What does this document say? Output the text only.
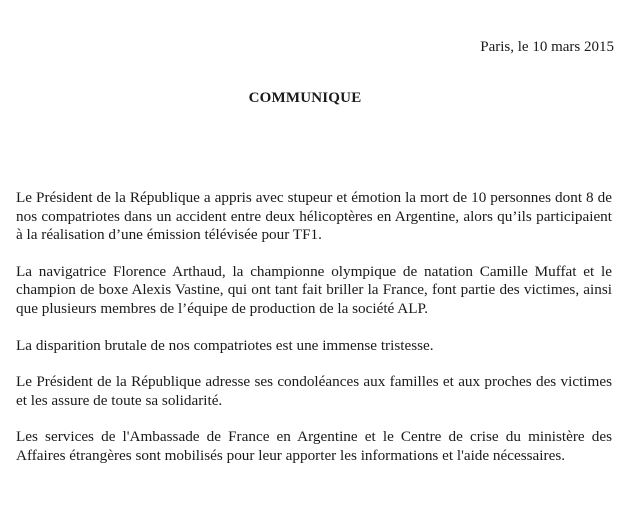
Paris, le 10 mars 2015
COMMUNIQUE

Le Président de la République a appris avec stupeur et émotion la mort de 10 personnes dont 8 de nos compatriotes dans un accident entre deux hélicoptères en Argentine, alors qu’ils participaient à la réalisation d’une émission télévisée pour TF1.

La navigatrice Florence Arthaud, la championne olympique de natation Camille Muffat et le champion de boxe Alexis Vastine, qui ont tant fait briller la France, font partie des victimes, ainsi que plusieurs membres de l’équipe de production de la société ALP.

La disparition brutale de nos compatriotes est une immense tristesse.

Le Président de la République adresse ses condoléances aux familles et aux proches des victimes et les assure de toute sa solidarité.

Les services de l'Ambassade de France en Argentine et le Centre de crise du ministère des Affaires étrangères sont mobilisés pour leur apporter les informations et l'aide nécessaires.
